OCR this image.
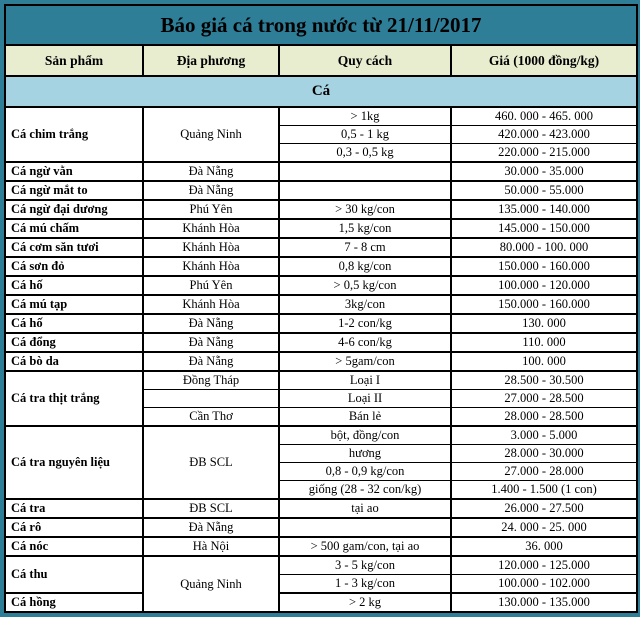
Báo giá cá trong nước từ 21/11/2017			
Sản phẩm	Địa phương	Quy cách	Giá (1000 đồng/kg)
Cá			
Cá chim trắng	Quảng Ninh	> 1kg	460. 000 - 465. 000
		0,5 - 1 kg	420.000 - 423.000
		0,3 - 0,5 kg	220.000 - 215.000
Cá ngừ vằn	Đà Nẵng		30.000 - 35.000
Cá ngừ mắt to	Đà Nẵng		50.000 - 55.000
Cá ngừ đại dương	Phú Yên	> 30 kg/con	135.000 - 140.000
Cá mú chấm	Khánh Hòa	1,5 kg/con	145.000 - 150.000
Cá cơm săn tươi	Khánh Hòa	7 - 8 cm	80.000 - 100. 000
Cá sơn đỏ	Khánh Hòa	0,8 kg/con	150.000 - 160.000
Cá hố	Phú Yên	> 0,5 kg/con	100.000 - 120.000
Cá mú tạp	Khánh Hòa	3kg/con	150.000 - 160.000
Cá hố	Đà Nẵng	1-2 con/kg	130. 000
Cá đổng	Đà Nẵng	4-6 con/kg	110. 000
Cá bò da	Đà Nẵng	> 5gam/con	100. 000
Cá tra thịt trắng	Đồng Tháp	Loại I	28.500 - 30.500
		Loại II	27.000 - 28.500
	Cần Thơ	Bán lẻ	28.000 - 28.500
Cá tra nguyên liệu	ĐB SCL	bột, đồng/con	3.000 - 5.000
		hương	28.000 - 30.000
		0,8 - 0,9 kg/con	27.000 - 28.000
		giống (28 - 32 con/kg)	1.400 - 1.500 (1 con)
Cá tra	ĐB SCL	tại ao	26.000 - 27.500
Cá rô	Đà Nẵng		24. 000 - 25. 000
Cá nóc	Hà Nội	> 500 gam/con, tại ao	36. 000
Cá thu	Quảng Ninh	3 - 5 kg/con	120.000 - 125.000
		1 - 3 kg/con	100.000 - 102.000
Cá hồng		> 2 kg	130.000 - 135.000
